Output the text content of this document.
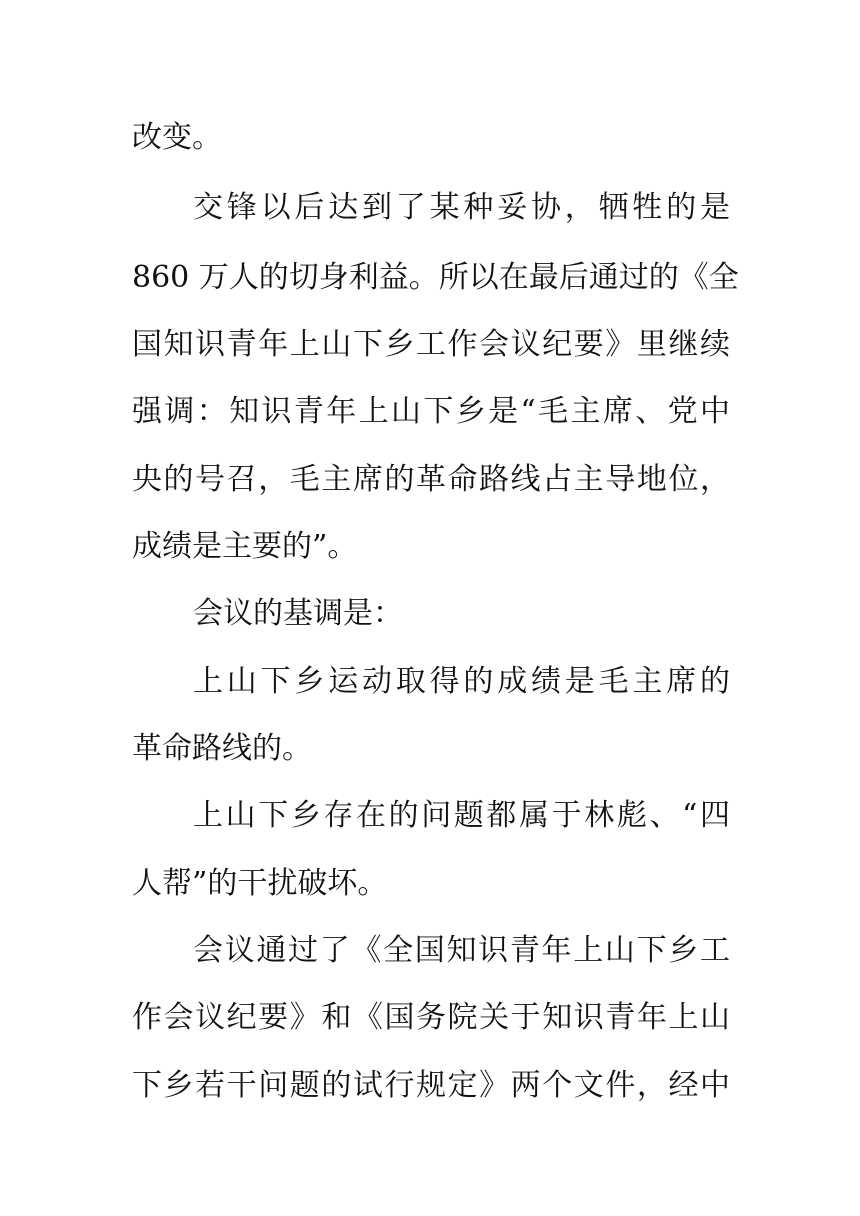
改变。
交锋以后达到了某种妥协，牺牲的是
860 万人的切身利益。所以在最后通过的《全
国知识青年上山下乡工作会议纪要》里继续
强调：知识青年上山下乡是“毛主席、党中
央的号召，毛主席的革命路线占主导地位，
成绩是主要的”。
会议的基调是：
上山下乡运动取得的成绩是毛主席的
革命路线的。
上山下乡存在的问题都属于林彪、“四
人帮”的干扰破坏。
会议通过了《全国知识青年上山下乡工
作会议纪要》和《国务院关于知识青年上山
下乡若干问题的试行规定》两个文件，经中
